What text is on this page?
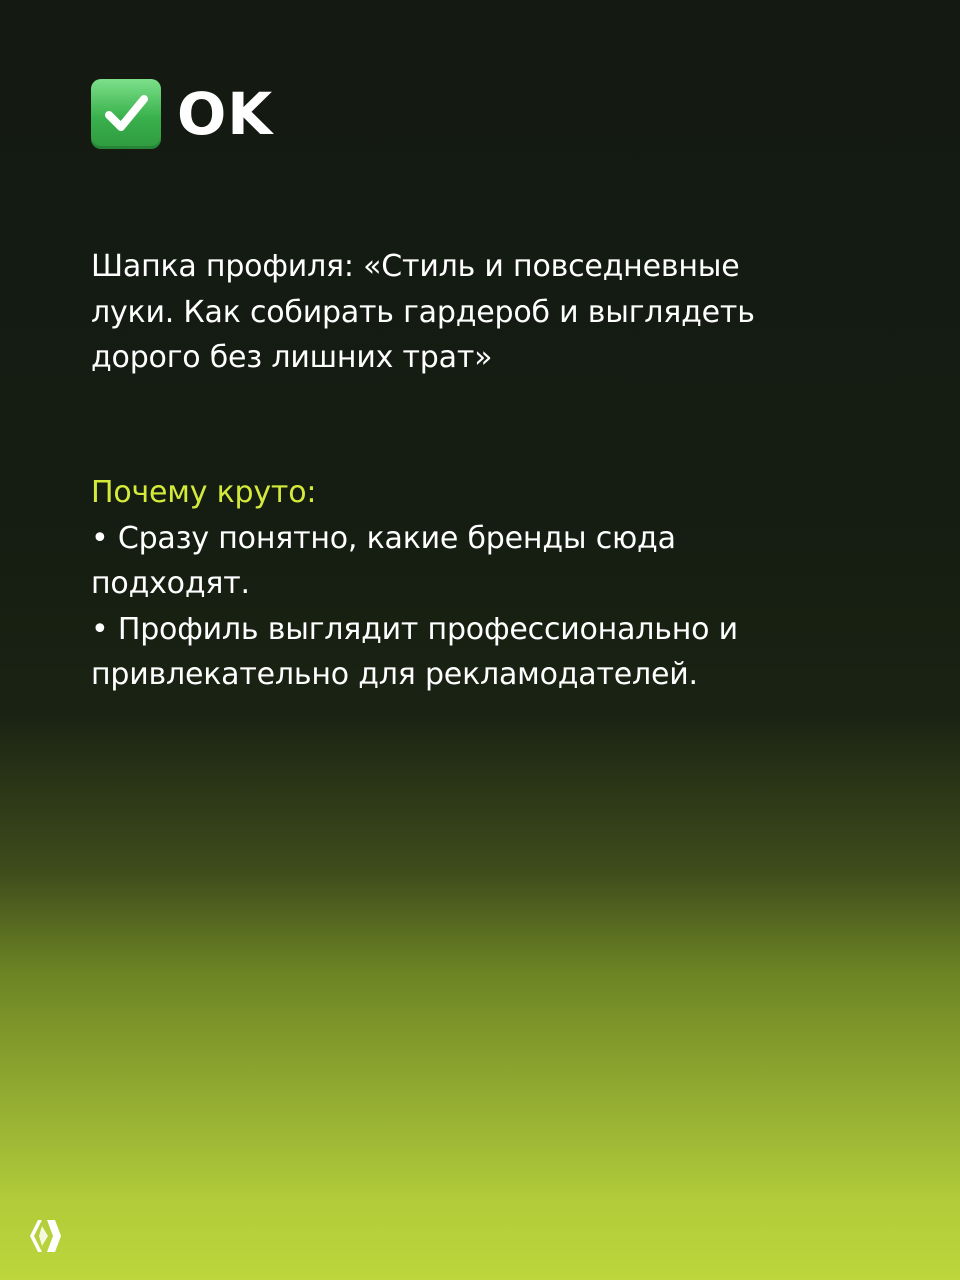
OK
Шапка профиля: «Стиль и повседневные луки. Как собирать гардероб и выглядеть дорого без лишних трат»
Почему круто:
• Сразу понятно, какие бренды сюда подходят.
• Профиль выглядит профессионально и привлекательно для рекламодателей.
